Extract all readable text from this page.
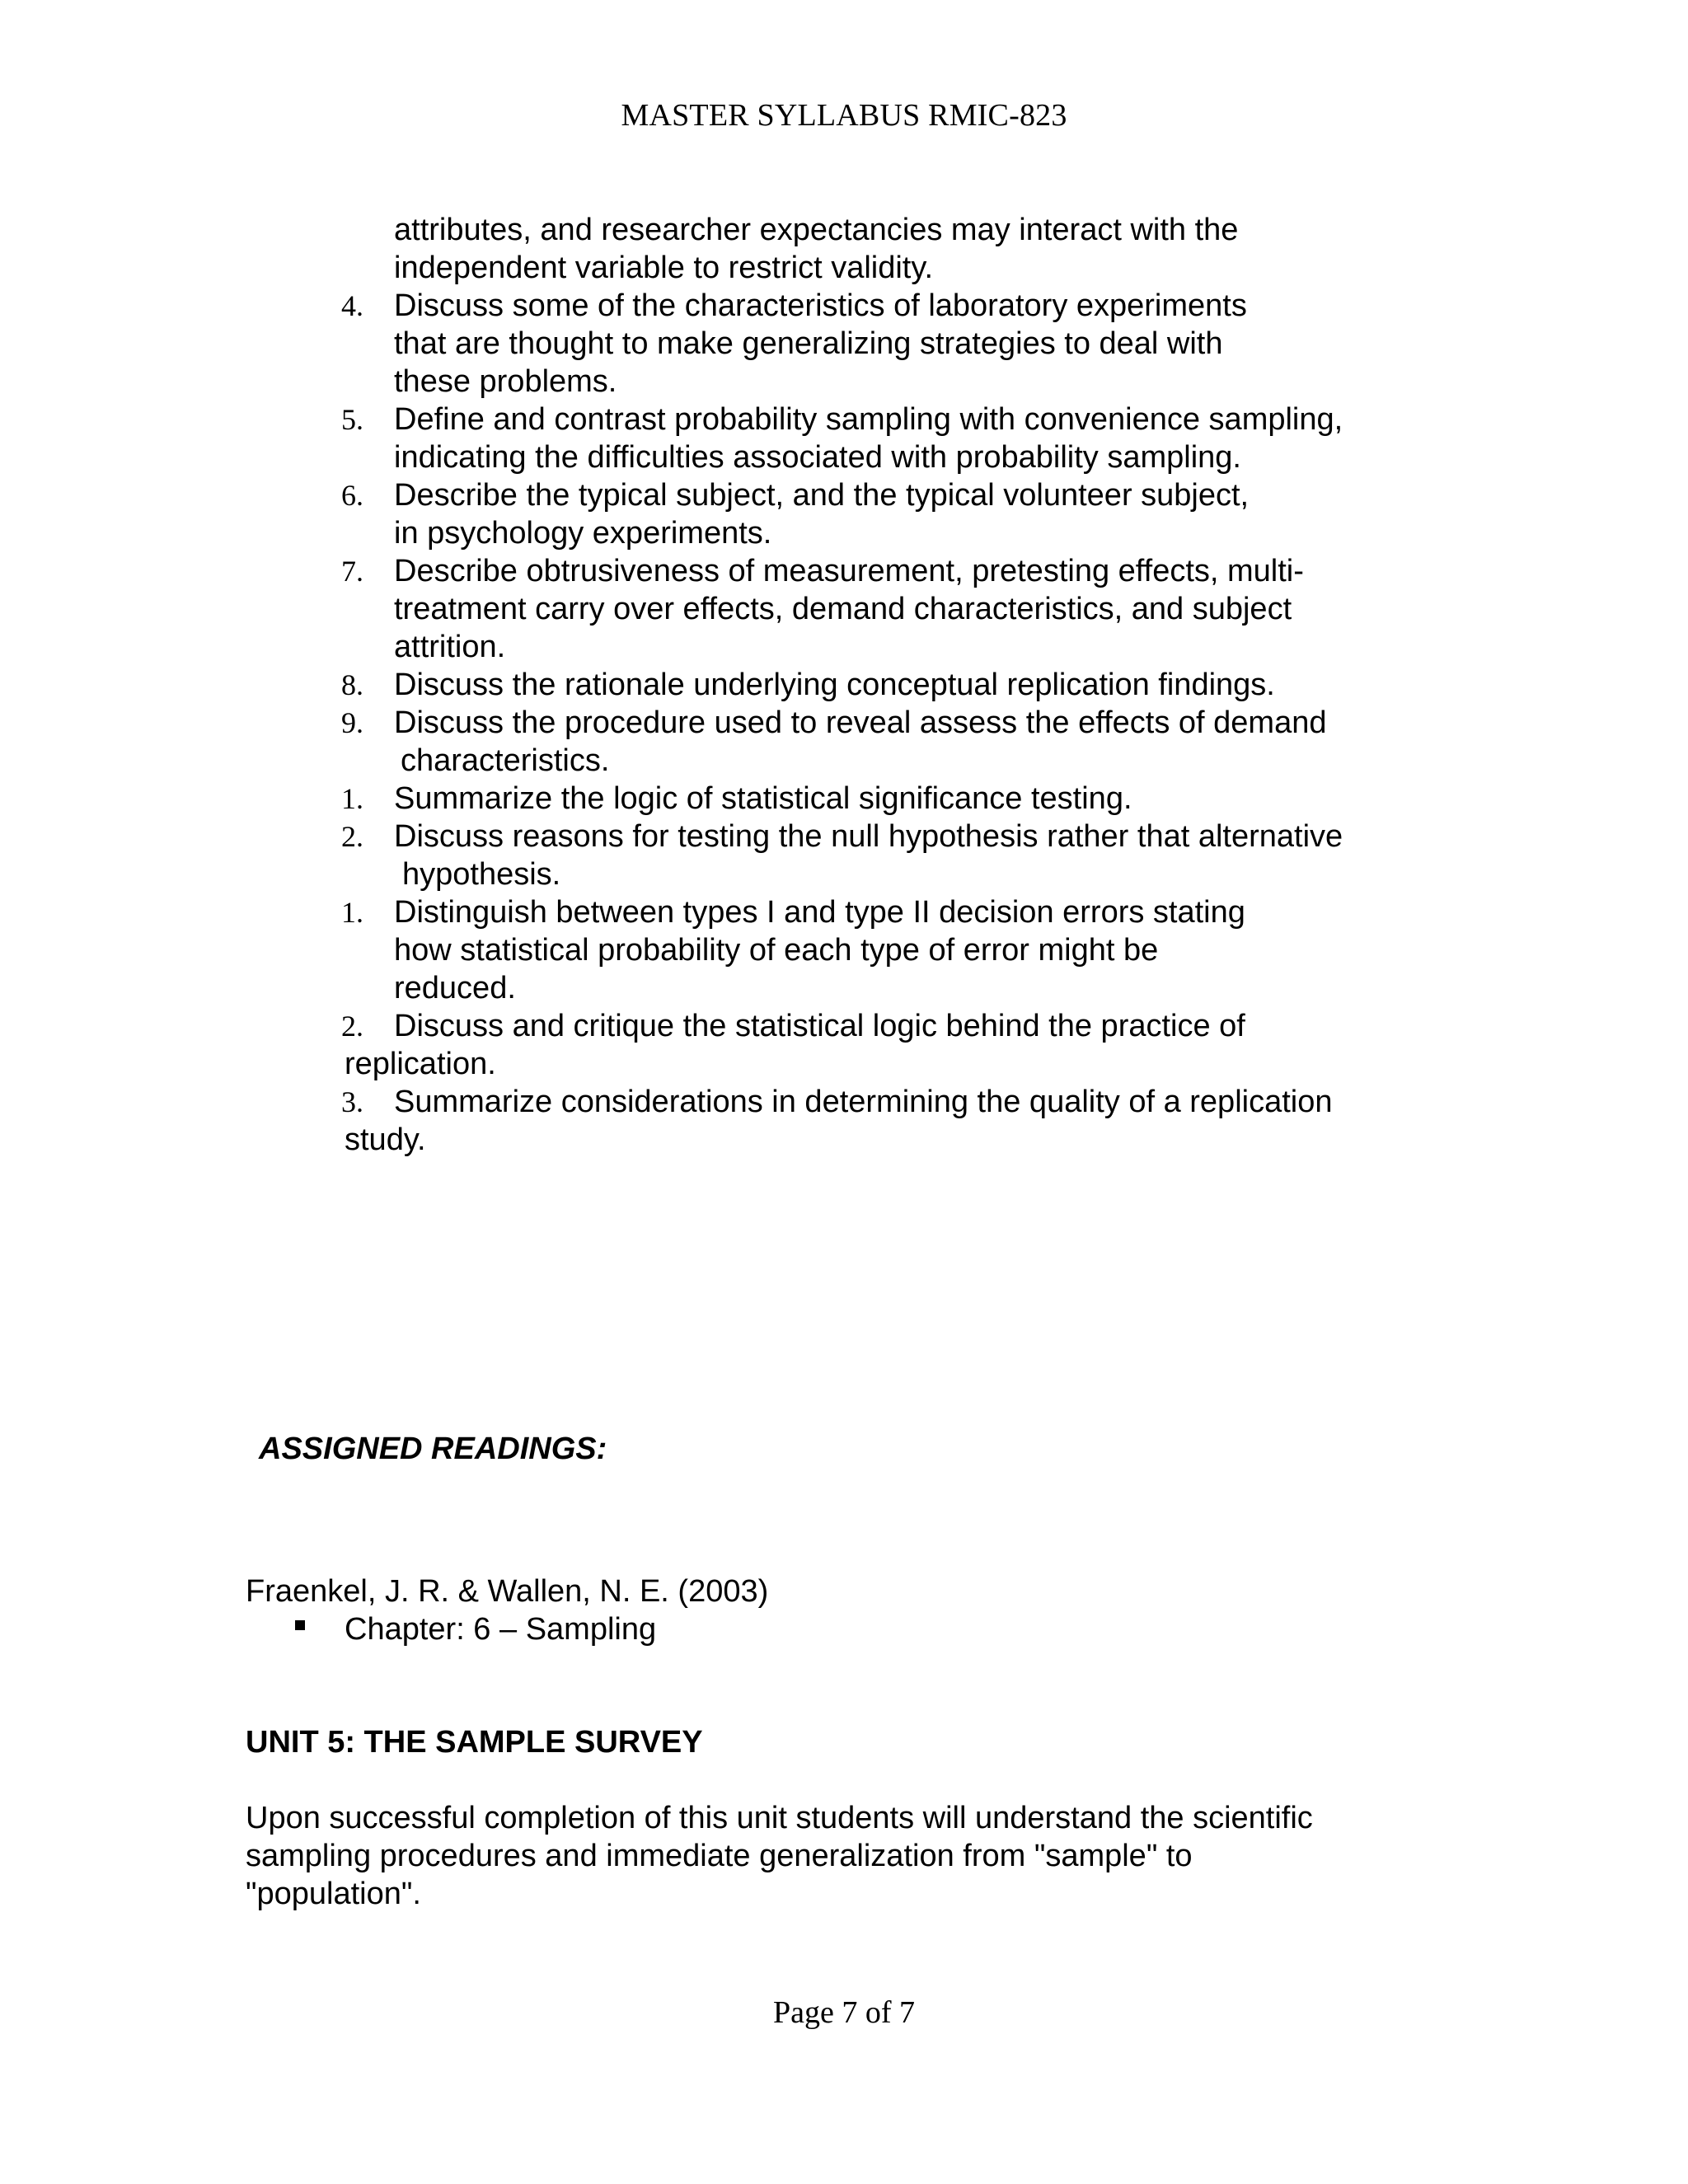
MASTER SYLLABUS RMIC-823
attributes, and researcher expectancies may interact with the
independent variable to restrict validity.
4. Discuss some of the characteristics of laboratory experiments
that are thought to make generalizing strategies to deal with
these problems.
5. Define and contrast probability sampling with convenience sampling,
indicating the difficulties associated with probability sampling.
6. Describe the typical subject, and the typical volunteer subject,
in psychology experiments.
7. Describe obtrusiveness of measurement, pretesting effects, multi-
treatment carry over effects, demand characteristics, and subject
attrition.
8. Discuss the rationale underlying conceptual replication findings.
9. Discuss the procedure used to reveal assess the effects of demand
characteristics.
1. Summarize the logic of statistical significance testing.
2. Discuss reasons for testing the null hypothesis rather that alternative
hypothesis.
1. Distinguish between types I and type II decision errors stating
how statistical probability of each type of error might be
reduced.
2. Discuss and critique the statistical logic behind the practice of
replication.
3. Summarize considerations in determining the quality of a replication
study.
ASSIGNED READINGS:
Fraenkel, J. R. & Wallen, N. E. (2003)
Chapter: 6 – Sampling
UNIT 5: THE SAMPLE SURVEY
Upon successful completion of this unit students will understand the scientific
sampling procedures and immediate generalization from "sample" to
"population".
Page 7 of 7
